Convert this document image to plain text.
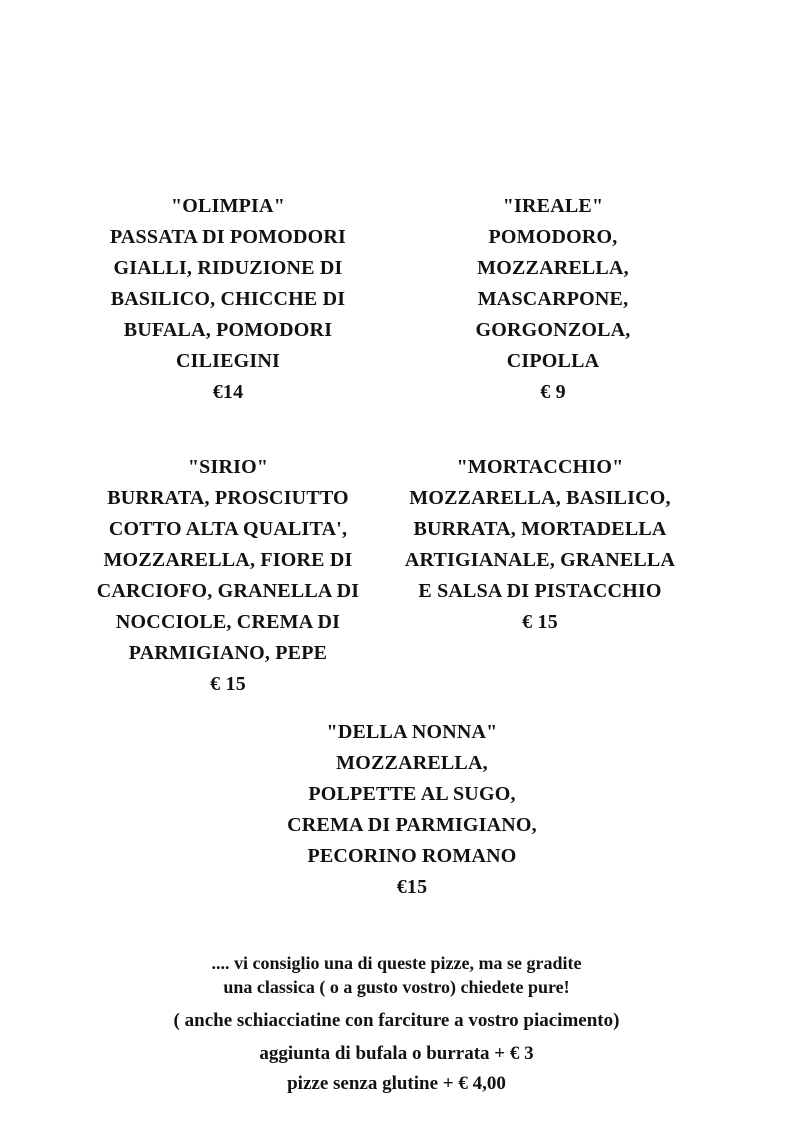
"OLIMPIA"
PASSATA DI POMODORI
GIALLI, RIDUZIONE DI
BASILICO, CHICCHE DI
BUFALA, POMODORI
CILIEGINI
€14
"IREALE"
POMODORO,
MOZZARELLA,
MASCARPONE,
GORGONZOLA,
CIPOLLA
€ 9
"SIRIO"
BURRATA, PROSCIUTTO
COTTO ALTA QUALITA',
MOZZARELLA, FIORE DI
CARCIOFO, GRANELLA DI
NOCCIOLE, CREMA DI
PARMIGIANO, PEPE
€ 15
"MORTACCHIO"
MOZZARELLA, BASILICO,
BURRATA, MORTADELLA
ARTIGIANALE, GRANELLA
E SALSA DI PISTACCHIO
€ 15
"DELLA NONNA"
MOZZARELLA,
POLPETTE AL SUGO,
CREMA DI PARMIGIANO,
PECORINO ROMANO
€15
.... vi consiglio una di queste pizze, ma se gradite
una classica ( o a gusto vostro) chiedete pure!
( anche schiacciatine con farciture a vostro piacimento)
aggiunta di bufala o burrata + € 3
pizze senza glutine + € 4,00
